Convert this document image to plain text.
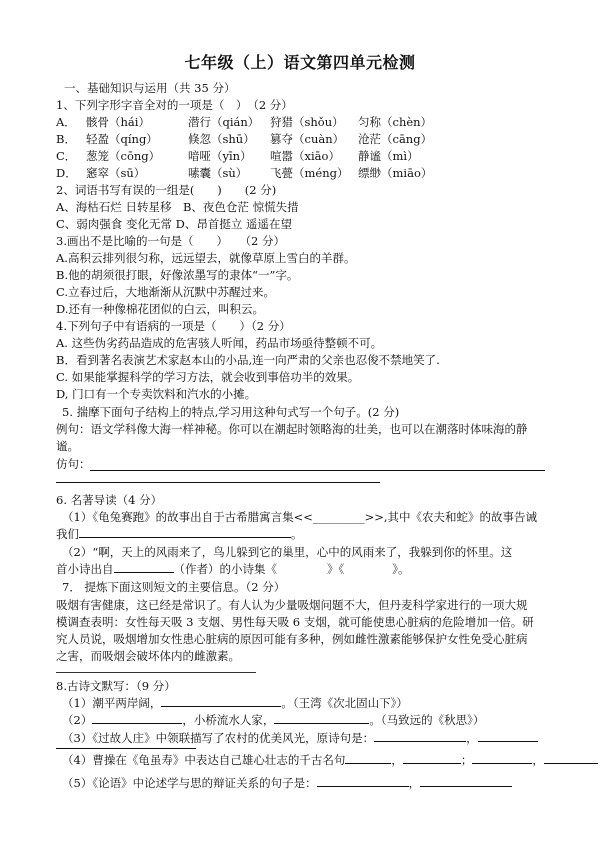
七年级（上）语文第四单元检测
一、基础知识与运用（共 35 分）
1、下列字形字音全对的一项是（　）　（2 分）
A． 骸骨（hái）	潜行（qián） 狩猎（shǒu）	匀称（chèn）
B． 轻盈（qíng）	倏忽（shū）	篡夺（cuàn）	沧茫（cāng）
C． 葱笼（cōng）	喑哑（yīn）	喧嚣（xiāo）	静谧（mì）
D． 窸窣（sū）	嗉囊（sù）	飞甍（méng） 缥缈（miāo）
2、词语书写有误的一组是(　　)　　(2 分)
A、海枯石烂 日转星移　B、夜色仓茫 惊慌失措
C、弱肉强食 变化无常 D、昂首挺立 遥遥在望
3.画出不是比喻的一句是（　　）　　（2 分）
A.高积云排列很匀称，远远望去，就像草原上雪白的羊群。
B.他的胡须很打眼，好像浓墨写的隶体“一”字。
C.立春过后，大地渐渐从沉默中苏醒过来。
D.还有一种像棉花团似的白云，叫积云。
4.下列句子中有语病的一项是（　　）（2 分）
A. 这些伪劣药品造成的危害骇人听闻，药品市场亟待整顿不可。
B．看到著名表演艺术家赵本山的小品,连一向严肃的父亲也忍俊不禁地笑了.
C. 如果能掌握科学的学习方法，就会收到事倍功半的效果。
D, 门口有一个专卖饮料和汽水的小摊。
5. 揣摩下面句子结构上的特点,学习用这种句式写一个句子。(2 分)
例句：语文学科像大海一样神秘。你可以在潮起时领略海的壮美，也可以在潮落时体味海的静
谧。
仿句：
6. 名著导读（4 分）
（1）《龟兔赛跑》的故事出自于古希腊寓言集<<_________>>,其中《农夫和蛇》的故事告诫
我们	。
（2）“啊，天上的风雨来了，鸟儿躲到它的巢里，心中的风雨来了，我躲到你的怀里。这
首小诗出自	（作者）的小诗集《	》《	》。
7． 提炼下面这则短文的主要信息。（2 分）
吸烟有害健康，这已经是常识了。有人认为少量吸烟问题不大，但丹麦科学家进行的一项大规
模调查表明：女性每天吸 3 支烟、男性每天吸 6 支烟，就可能使患心脏病的危险增加一倍。研
究人员说，吸烟增加女性患心脏病的原因可能有多种，例如雌性激素能够保护女性免受心脏病
之害，而吸烟会破坏体内的雌激素。
8.古诗文默写：（9 分）
（1）潮平两岸阔，	。（王湾《次北固山下》）
（2）	，小桥流水人家，	。（马致远的《秋思》）
（3）《过故人庄》中领联描写了农村的优美风光，原诗句是：	，
（4）曹操在《龟虽寿》中表达自己雄心壮志的千古名句	，	；	，
（5）《论语》中论述学与思的辩证关系的句子是：	，
